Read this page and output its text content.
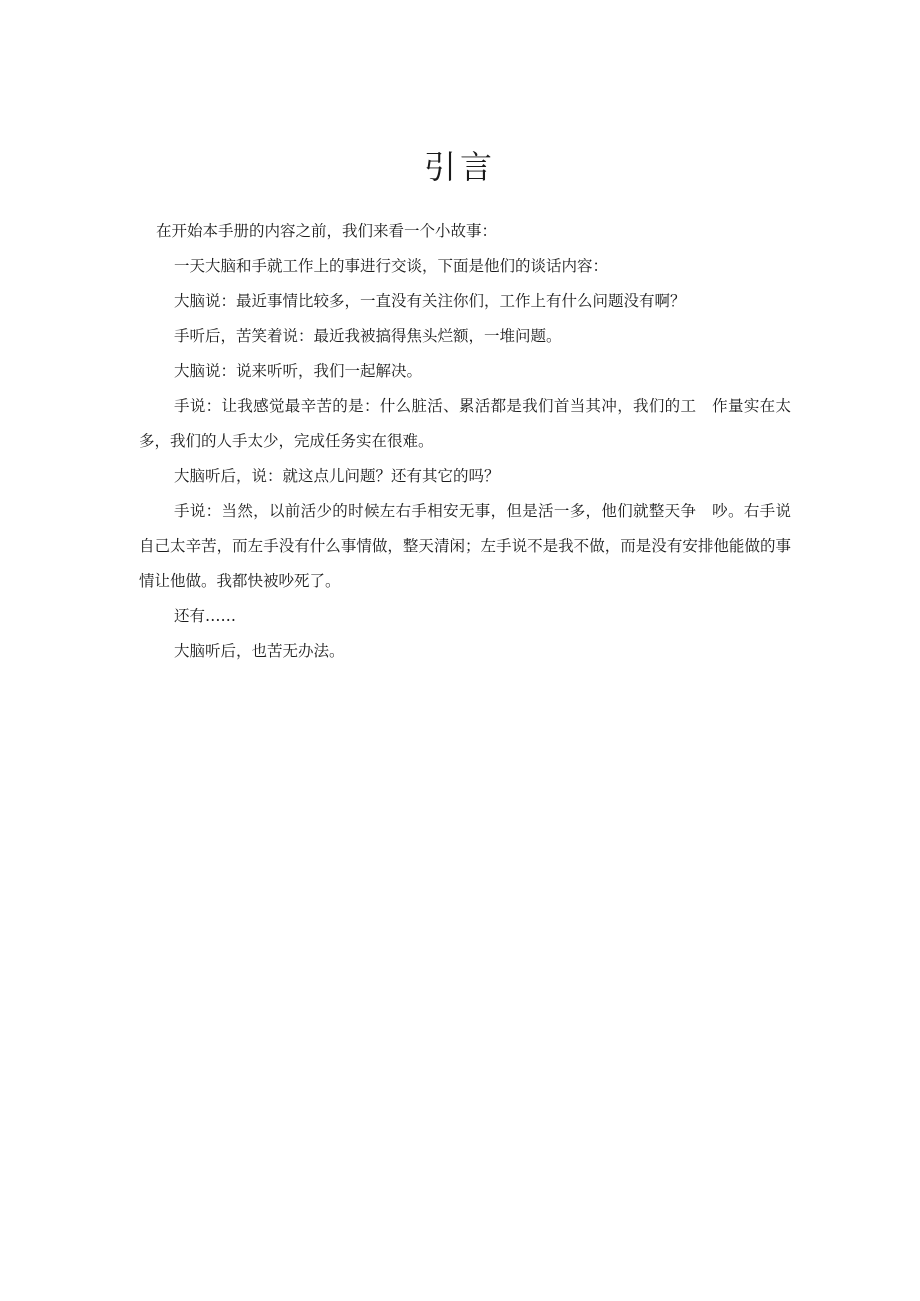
引言

在开始本手册的内容之前，我们来看一个小故事：

一天大脑和手就工作上的事进行交谈，下面是他们的谈话内容：

大脑说：最近事情比较多，一直没有关注你们，工作上有什么问题没有啊？

手听后，苦笑着说：最近我被搞得焦头烂额，一堆问题。

大脑说：说来听听，我们一起解决。

手说：让我感觉最辛苦的是：什么脏活、累活都是我们首当其冲，我们的工　作量实在太多，我们的人手太少，完成任务实在很难。

大脑听后，说：就这点儿问题？还有其它的吗？

手说：当然，以前活少的时候左右手相安无事，但是活一多，他们就整天争　吵。右手说自己太辛苦，而左手没有什么事情做，整天清闲；左手说不是我不做，而是没有安排他能做的事情让他做。我都快被吵死了。

还有……

大脑听后，也苦无办法。
